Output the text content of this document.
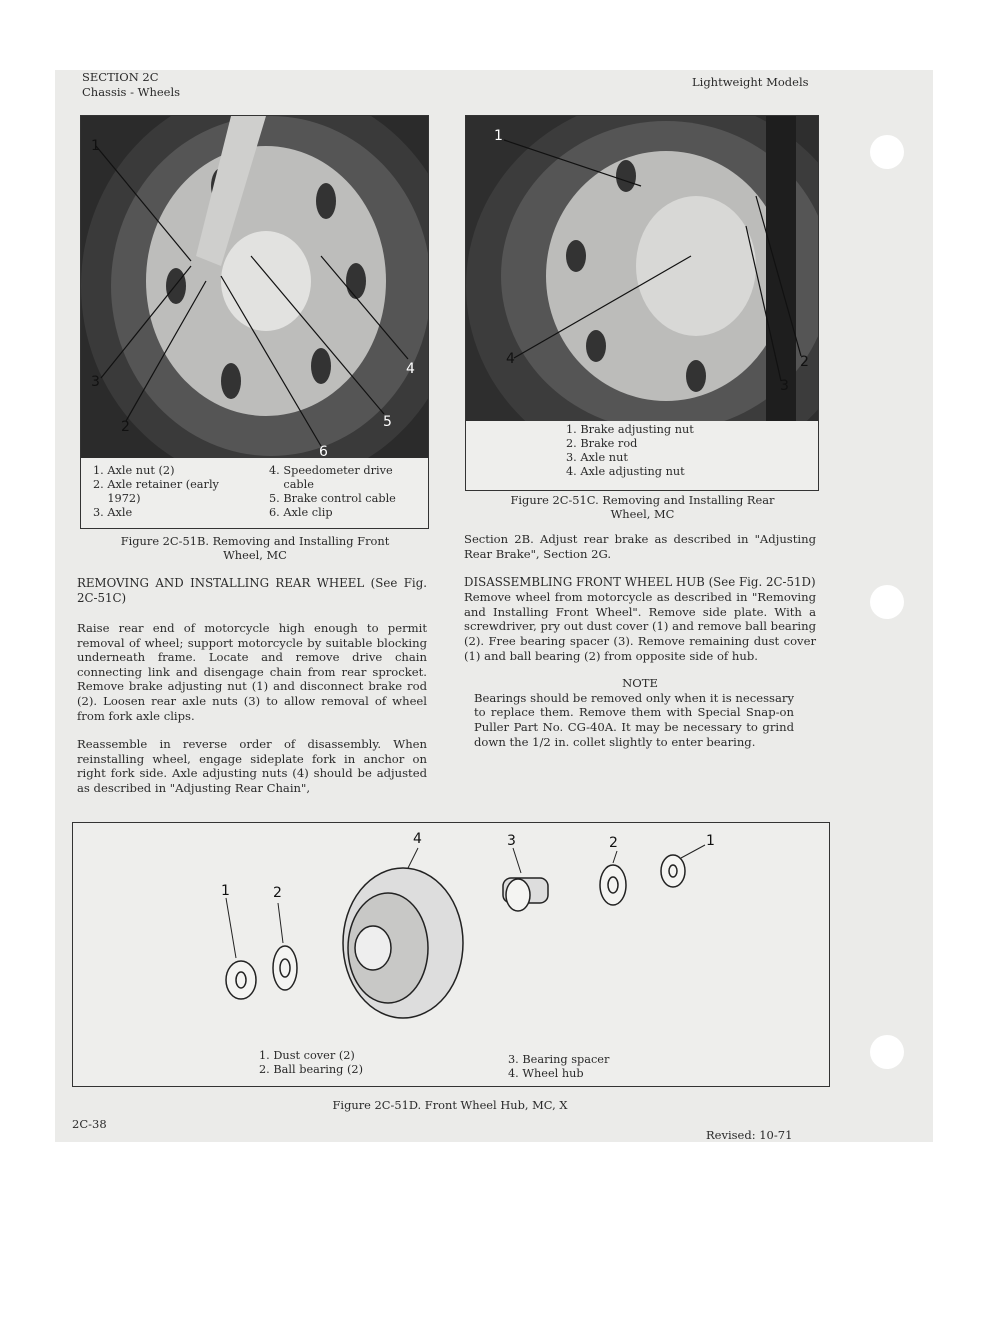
SECTION 2C
Chassis - Wheels
Lightweight Models
1
3
2
4
5
6
1. Axle nut (2)
2. Axle retainer (early
1972)
3. Axle
4. Speedometer drive
cable
5. Brake control cable
6. Axle clip
Figure 2C-51B. Removing and Installing Front
Wheel, MC
1
4	2
3
1. Brake adjusting nut
2. Brake rod
3. Axle nut
4. Axle adjusting nut
Figure 2C-51C. Removing and Installing Rear
Wheel, MC
REMOVING AND INSTALLING REAR WHEEL (See Fig. 2C-51C)

Raise rear end of motorcycle high enough to permit removal of wheel; support motorcycle by suitable blocking underneath frame. Locate and remove drive chain connecting link and disengage chain from rear sprocket. Remove brake adjusting nut (1) and disconnect brake rod (2). Loosen rear axle nuts (3) to allow removal of wheel from fork axle clips.

Reassemble in reverse order of disassembly. When reinstalling wheel, engage sideplate fork in anchor on right fork side. Axle adjusting nuts (4) should be adjusted as described in "Adjusting Rear Chain",

Section 2B. Adjust rear brake as described in "Adjusting Rear Brake", Section 2G.

DISASSEMBLING FRONT WHEEL HUB (See Fig. 2C-51D)

Remove wheel from motorcycle as described in "Removing and Installing Front Wheel". Remove side plate. With a screwdriver, pry out dust cover (1) and remove ball bearing (2). Free bearing spacer (3). Remove remaining dust cover (1) and ball bearing (2) from opposite side of hub.

NOTE

Bearings should be removed only when it is necessary to replace them. Remove them with Special Snap-on Puller Part No. CG-40A. It may be necessary to grind down the 1/2 in. collet slightly to enter bearing.

1	2
4	3	2	1
1. Dust cover (2)
2. Ball bearing (2)
3. Bearing spacer
4. Wheel hub
Figure 2C-51D. Front Wheel Hub, MC, X
2C-38
Revised: 10-71
